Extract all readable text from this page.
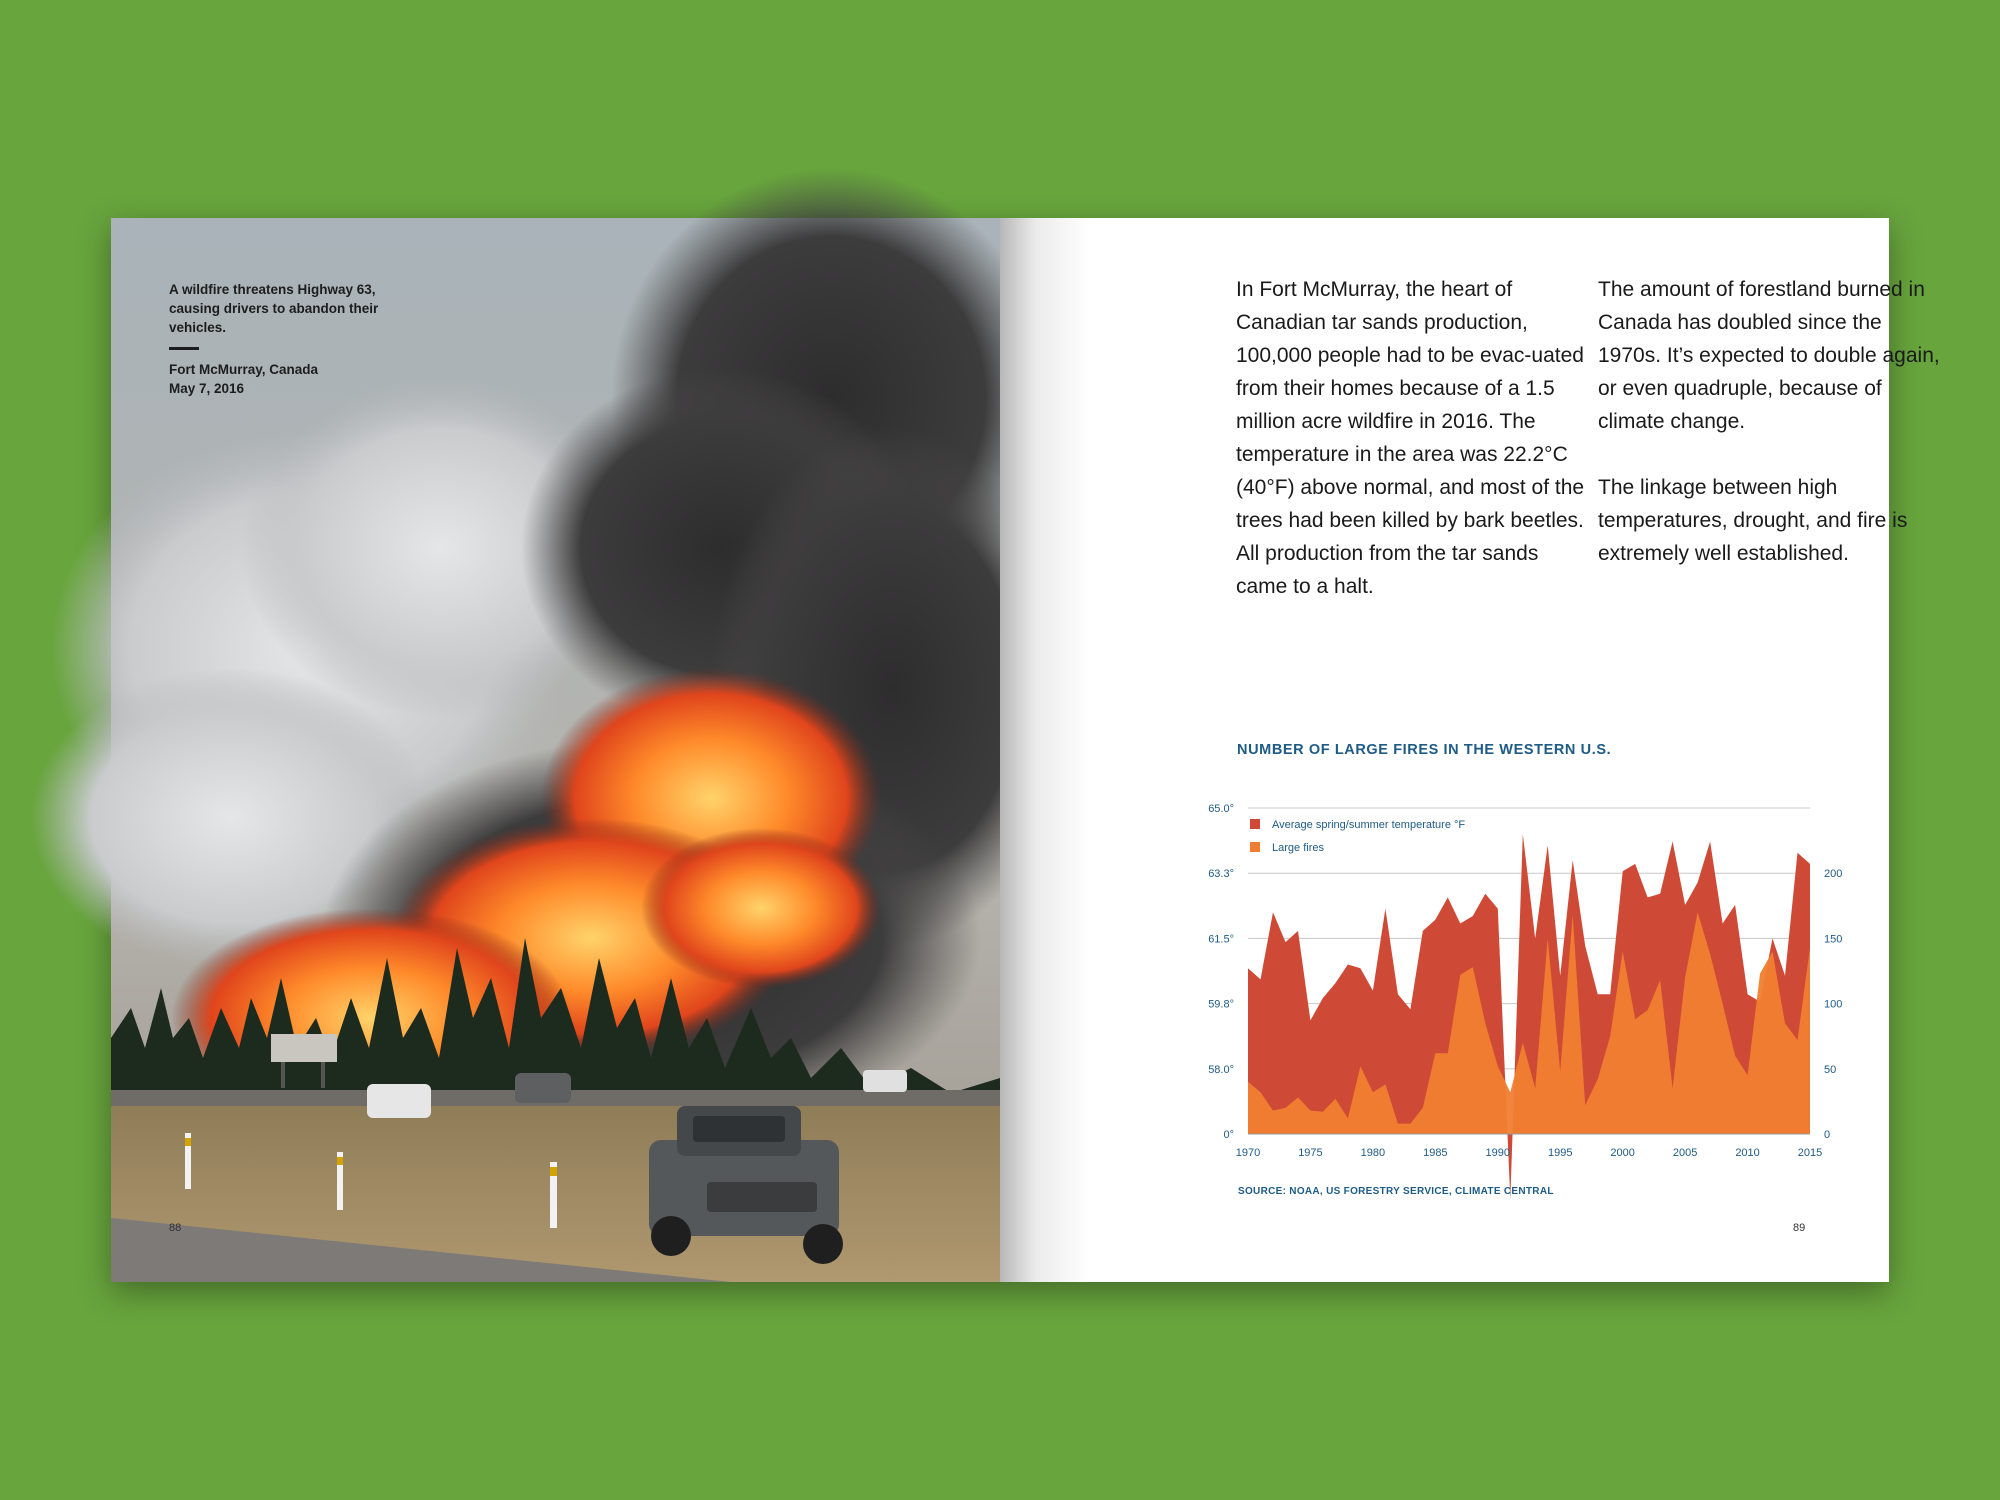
A wildfire threatens Highway 63, causing drivers to abandon their vehicles.
Fort McMurray, Canada
May 7, 2016
88

In Fort McMurray, the heart of Canadian tar sands production, 100,000 people had to be evac-uated from their homes because of a 1.5 million acre wildfire in 2016. The temperature in the area was 22.2°C (40°F) above normal, and most of the trees had been killed by bark beetles. All production from the tar sands came to a halt.

The amount of forestland burned in Canada has doubled since the 1970s. It’s expected to double again, or even quadruple, because of climate change.

The linkage between high temperatures, drought, and fire is extremely well established.

NUMBER OF LARGE FIRES IN THE WESTERN U.S.
0°
58.0°
59.8°
61.5°
63.3°
65.0°
0
50
100
150
200
1970	1975	1980	1985	1990	1995	2000	2005	2010	2015
Average spring/summer temperature °F
Large fires
SOURCE: NOAA, US FORESTRY SERVICE, CLIMATE CENTRAL
89
